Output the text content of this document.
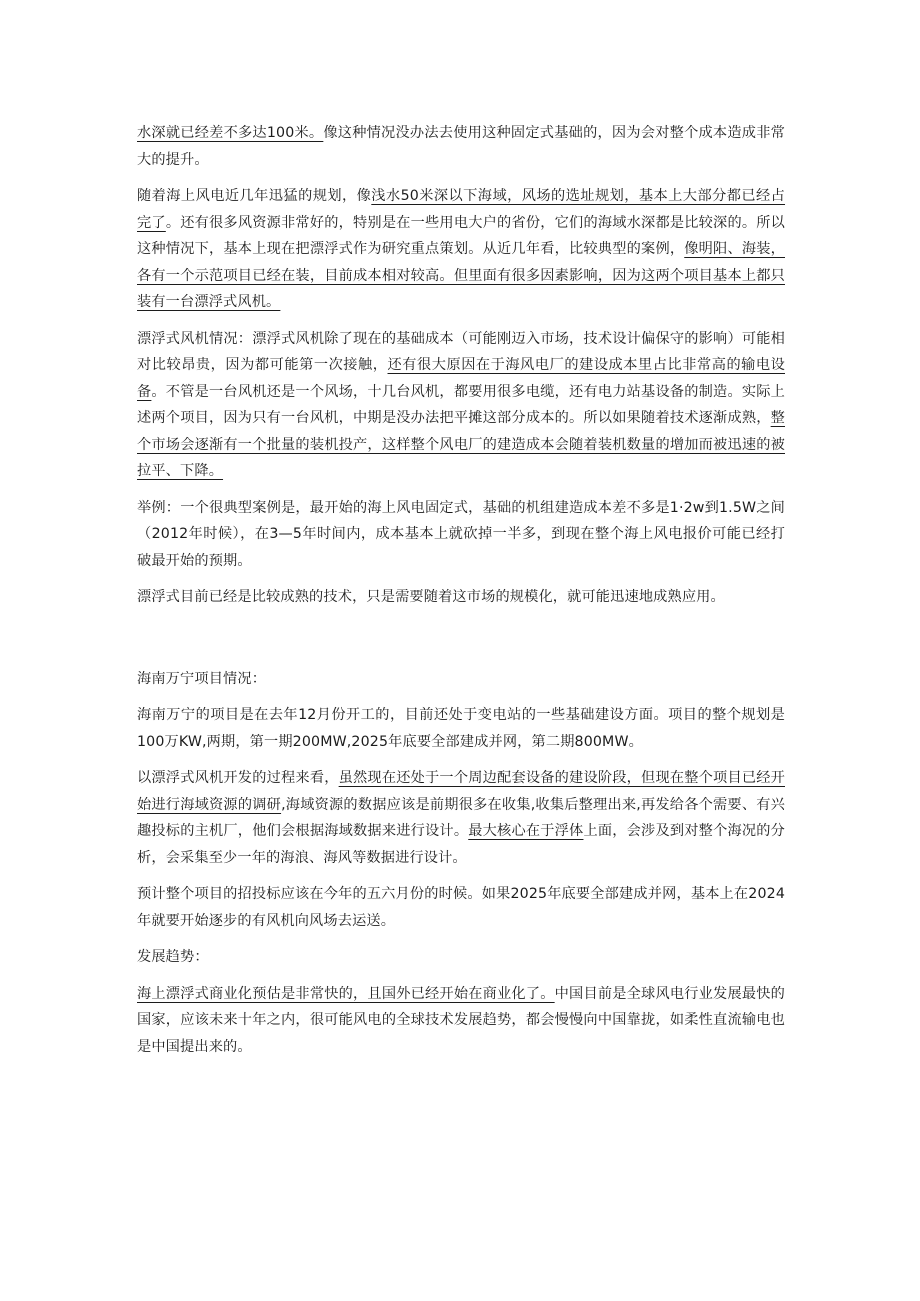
水深就已经差不多达100米。像这种情况没办法去使用这种固定式基础的，因为会对整个成本造成非常大的提升。

随着海上风电近几年迅猛的规划，像浅水50米深以下海域，风场的选址规划，基本上大部分都已经占完了。还有很多风资源非常好的，特别是在一些用电大户的省份，它们的海域水深都是比较深的。所以这种情况下，基本上现在把漂浮式作为研究重点策划。从近几年看，比较典型的案例，像明阳、海装，各有一个示范项目已经在装，目前成本相对较高。但里面有很多因素影响，因为这两个项目基本上都只装有一台漂浮式风机。

漂浮式风机情况：漂浮式风机除了现在的基础成本（可能刚迈入市场，技术设计偏保守的影响）可能相对比较昂贵，因为都可能第一次接触，还有很大原因在于海风电厂的建设成本里占比非常高的输电设备。不管是一台风机还是一个风场，十几台风机，都要用很多电缆，还有电力站基设备的制造。实际上述两个项目，因为只有一台风机，中期是没办法把平摊这部分成本的。所以如果随着技术逐渐成熟，整个市场会逐渐有一个批量的装机投产，这样整个风电厂的建造成本会随着装机数量的增加而被迅速的被拉平、下降。

举例：一个很典型案例是，最开始的海上风电固定式，基础的机组建造成本差不多是1·2w到1.5W之间（2012年时候），在3—5年时间内，成本基本上就砍掉一半多，到现在整个海上风电报价可能已经打破最开始的预期。

漂浮式目前已经是比较成熟的技术，只是需要随着这市场的规模化，就可能迅速地成熟应用。

海南万宁项目情况：

海南万宁的项目是在去年12月份开工的，目前还处于变电站的一些基础建设方面。项目的整个规划是100万KW,两期，第一期200MW,2025年底要全部建成并网，第二期800MW。

以漂浮式风机开发的过程来看，虽然现在还处于一个周边配套设备的建设阶段，但现在整个项目已经开始进行海域资源的调研,海域资源的数据应该是前期很多在收集,收集后整理出来,再发给各个需要、有兴趣投标的主机厂，他们会根据海域数据来进行设计。最大核心在于浮体上面，会涉及到对整个海况的分析，会采集至少一年的海浪、海风等数据进行设计。

预计整个项目的招投标应该在今年的五六月份的时候。如果2025年底要全部建成并网，基本上在2024年就要开始逐步的有风机向风场去运送。

发展趋势：

海上漂浮式商业化预估是非常快的，且国外已经开始在商业化了。中国目前是全球风电行业发展最快的国家，应该未来十年之内，很可能风电的全球技术发展趋势，都会慢慢向中国靠拢，如柔性直流输电也是中国提出来的。
